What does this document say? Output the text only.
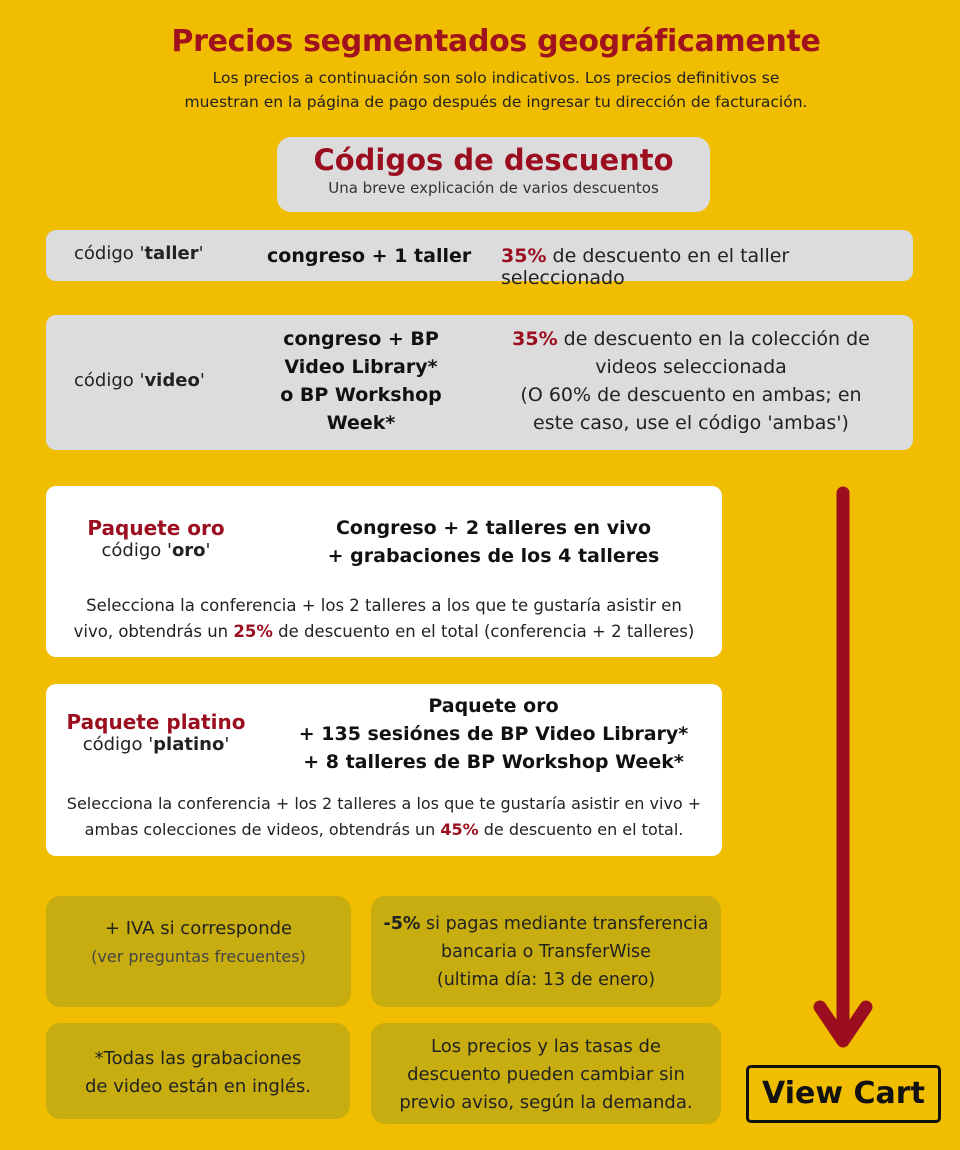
Precios segmentados geográficamente
Los precios a continuación son solo indicativos. Los precios definitivos se
muestran en la página de pago después de ingresar tu dirección de facturación.
Códigos de descuento
Una breve explicación de varios descuentos
código 'taller'	congreso + 1 taller 35% de descuento en el taller seleccionado
código 'video'
congreso + BP
Video Library*
o BP Workshop
Week*
35% de descuento en la colección de
videos seleccionada
(O 60% de descuento en ambas; en
este caso, use el código 'ambas')
Paquete oro
código 'oro'
Congreso + 2 talleres en vivo
+ grabaciones de los 4 talleres
Selecciona la conferencia + los 2 talleres a los que te gustaría asistir en
vivo, obtendrás un 25% de descuento en el total (conferencia + 2 talleres)
Paquete platino
código 'platino'
Paquete oro
+ 135 sesiónes de BP Video Library*
+ 8 talleres de BP Workshop Week*
Selecciona la conferencia + los 2 talleres a los que te gustaría asistir en vivo +
ambas colecciones de videos, obtendrás un 45% de descuento en el total.
+ IVA si corresponde
(ver preguntas frecuentes)
-5% si pagas mediante transferencia
bancaria o TransferWise
(ultima día: 13 de enero)
*Todas las grabaciones
de video están en inglés.
Los precios y las tasas de
descuento pueden cambiar sin
previo aviso, según la demanda.	View Cart
